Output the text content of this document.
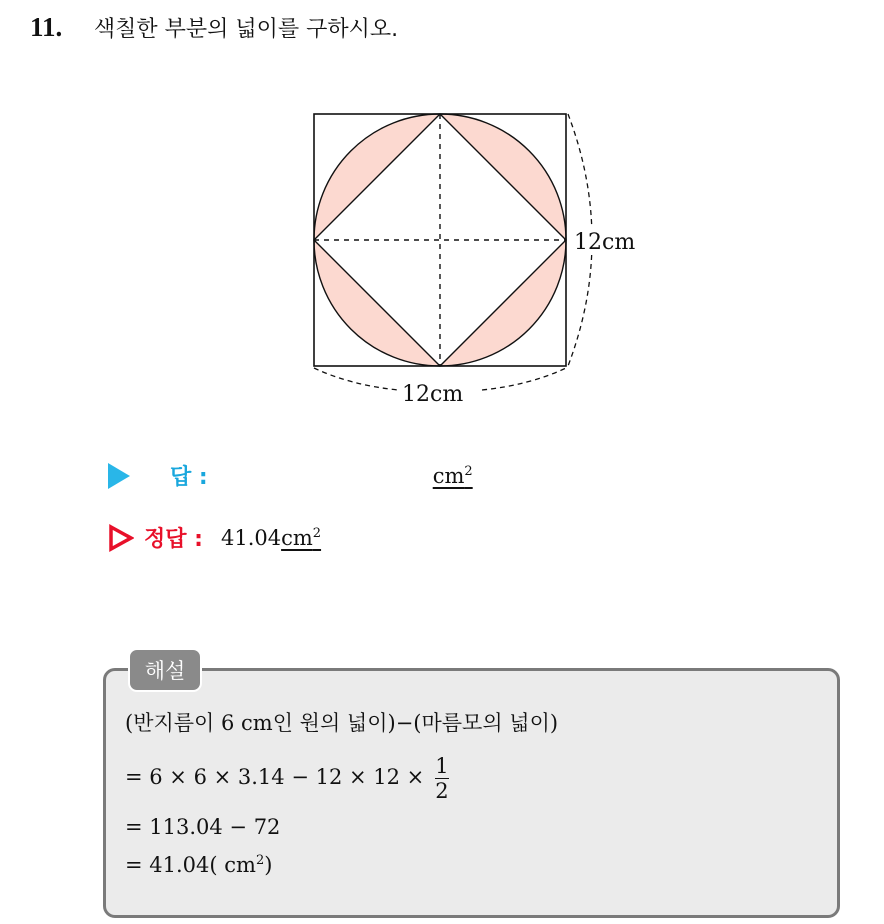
11. 색칠한 부분의 넓이를 구하시오.
12cm
12cm
답 :	$cm^2$
정답 : 41.04 $cm^2$
해설
(반지름이 6 cm인 원의 넓이)−(마름모의 넓이)
= $6 \times 6 \times 3.14 - 12 \times 12 \times \frac{1}{2}$
= 113.04 − 72
= 41.04( $cm^2$)
